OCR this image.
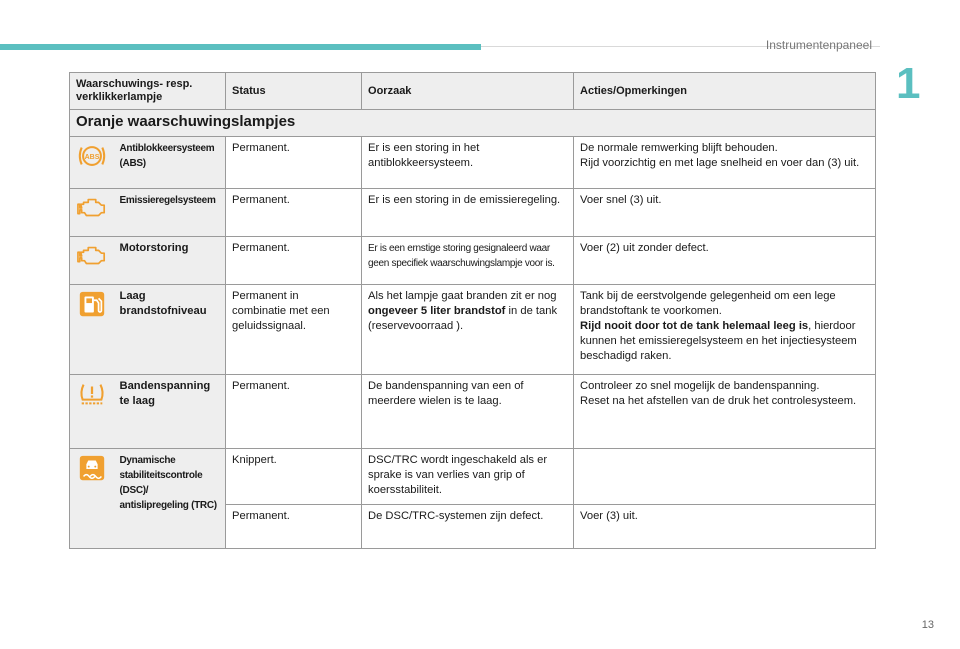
Instrumentenpaneel
1
Waarschuwings- resp. verklikkerlampje		Status	Oorzaak	Acties/Opmerkingen
Oranje waarschuwingslampjes				

ABS	Antiblokkeersysteem (ABS)	Permanent.	Er is een storing in het antiblokkeersysteem.	De normale remwerking blijft behouden.

Rijd voorzichtig en met lage snelheid en voer dan (3) uit.

	Emissieregelsysteem	Permanent.	Er is een storing in de emissieregeling.	Voer snel (3) uit.
	Motorstoring	Permanent.	Er is een ernstige storing gesignaleerd waar geen specifiek waarschuwingslampje voor is.	Voer (2) uit zonder defect.
	Laag brandstofniveau	Permanent in combinatie met een geluidssignaal.	Als het lampje gaat branden zit er nog ongeveer 5 liter brandstof in de tank (reservevoorraad ).	Tank bij de eerstvolgende gelegenheid om een lege brandstoftank te voorkomen.

Rijd nooit door tot de tank helemaal leeg is, hierdoor kunnen het emissieregelsysteem en het injectiesysteem beschadigd raken.

	Bandenspanning te laag	Permanent.	De bandenspanning van een of meerdere wielen is te laag.	Controleer zo snel mogelijk de bandenspanning.

Reset na het afstellen van de druk het controlesysteem.

	Dynamische stabiliteitscontrole (DSC)/ antislipregeling (TRC)	Knippert.	DSC/TRC wordt ingeschakeld als er sprake is van verlies van grip of koersstabiliteit.	
		Permanent.	De DSC/TRC-systemen zijn defect.	Voer (3) uit.
13
